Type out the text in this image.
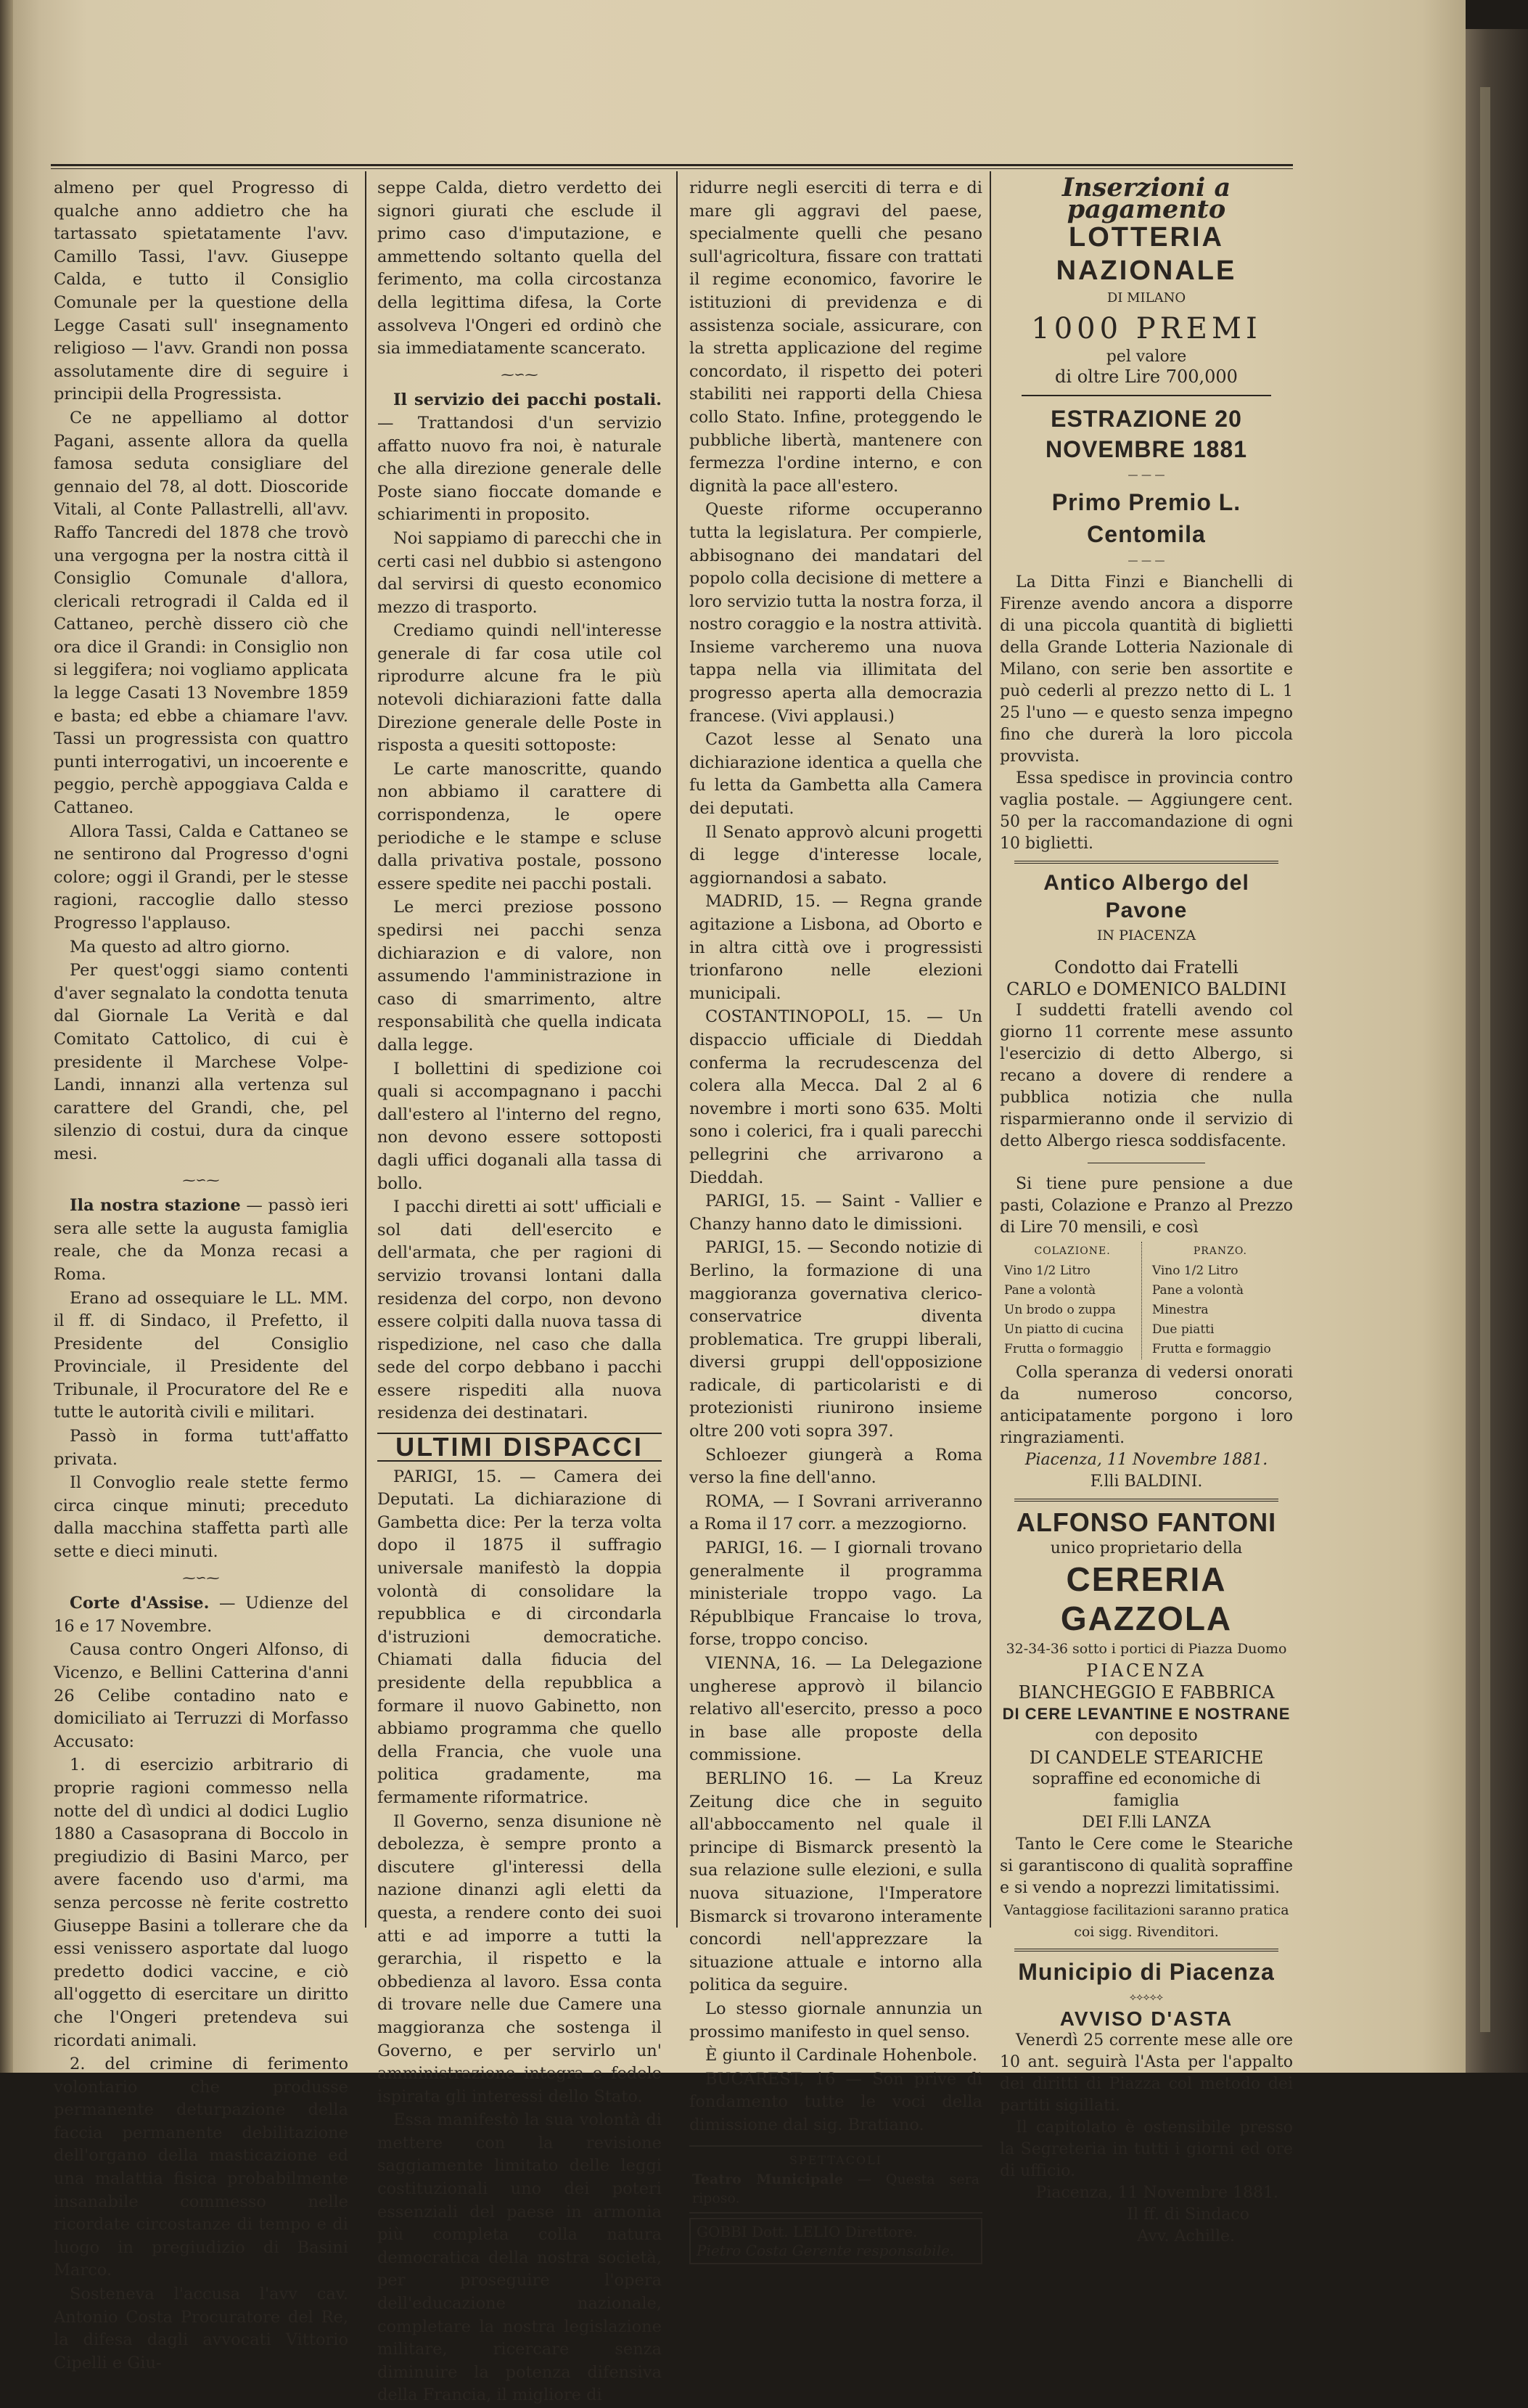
almeno per quel Progresso di qualche anno addietro che ha tartassato spietatamente l'avv. Camillo Tassi, l'avv. Giuseppe Calda, e tutto il Consiglio Comunale per la questione della Legge Casati sull' insegnamento religioso — l'avv. Grandi non possa assolutamente dire di seguire i principii della Progressista.

Ce ne appelliamo al dottor Pagani, assente allora da quella famosa seduta consigliare del gennaio del 78, al dott. Dioscoride Vitali, al Conte Pallastrelli, all'avv. Raffo Tancredi del 1878 che trovò una vergogna per la nostra città il Consiglio Comunale d'allora, clericali retrogradi il Calda ed il Cattaneo, perchè dissero ciò che ora dice il Grandi: in Consiglio non si leggifera; noi vogliamo applicata la legge Casati 13 Novembre 1859 e basta; ed ebbe a chiamare l'avv. Tassi un progressista con quattro punti interrogativi, un incoerente e peggio, perchè appoggiava Calda e Cattaneo.

Allora Tassi, Calda e Cattaneo se ne sentirono dal Progresso d'ogni colore; oggi il Grandi, per le stesse ragioni, raccoglie dallo stesso Progresso l'applauso.

Ma questo ad altro giorno.

Per quest'oggi siamo contenti d'aver segnalato la condotta tenuta dal Giornale La Verità e dal Comitato Cattolico, di cui è presidente il Marchese Volpe-Landi, innanzi alla vertenza sul carattere del Grandi, che, pel silenzio di costui, dura da cinque mesi.

⁓∽⁓

Ila nostra stazione — passò ieri sera alle sette la augusta famiglia reale, che da Monza recasi a Roma.

Erano ad ossequiare le LL. MM. il ff. di Sindaco, il Prefetto, il Presidente del Consiglio Provinciale, il Presidente del Tribunale, il Procuratore del Re e tutte le autorità civili e militari.

Passò in forma tutt'affatto privata.

Il Convoglio reale stette fermo circa cinque minuti; preceduto dalla macchina staffetta partì alle sette e dieci minuti.

⁓∽⁓

Corte d'Assise. — Udienze del 16 e 17 Novembre.

Causa contro Ongeri Alfonso, di Vicenzo, e Bellini Catterina d'anni 26 Celibe contadino nato e domiciliato ai Terruzzi di Morfasso Accusato:

1. di esercizio arbitrario di proprie ragioni commesso nella notte del dì undici al dodici Luglio 1880 a Casasoprana di Boccolo in pregiudizio di Basini Marco, per avere facendo uso d'armi, ma senza percosse nè ferite costretto Giuseppe Basini a tollerare che da essi venissero asportate dal luogo predetto dodici vaccine, e ciò all'oggetto di esercitare un diritto che l'Ongeri pretendeva sui ricordati animali.

2. del crimine di ferimento volontario che produsse permanente deturpazione della faccia permanente debilitazione dell'organo della masticazione ed una malattia fisica probabilmente insanabile commesso nelle ricordate circostanze di tempo e di luogo in pregiudizio di Basini Marco.

Sosteneva l'accusa l'avv cav. Antonio Costa Procuratore del Re, la difesa dagli avvocati Vittorio Cipelli e Giu-

seppe Calda, dietro verdetto dei signori giurati che esclude il primo caso d'imputazione, e ammettendo soltanto quella del ferimento, ma colla circostanza della legittima difesa, la Corte assolveva l'Ongeri ed ordinò che sia immediatamente scancerato.

⁓∽⁓

Il servizio dei pacchi postali. — Trattandosi d'un servizio affatto nuovo fra noi, è naturale che alla direzione generale delle Poste siano fioccate domande e schiarimenti in proposito.

Noi sappiamo di parecchi che in certi casi nel dubbio si astengono dal servirsi di questo economico mezzo di trasporto.

Crediamo quindi nell'interesse generale di far cosa utile col riprodurre alcune fra le più notevoli dichiarazioni fatte dalla Direzione generale delle Poste in risposta a quesiti sottoposte:

Le carte manoscritte, quando non abbiamo il carattere di corrispondenza, le opere periodiche e le stampe e scluse dalla privativa postale, possono essere spedite nei pacchi postali.

Le merci preziose possono spedirsi nei pacchi senza dichiarazion e di valore, non assumendo l'amministrazione in caso di smarrimento, altre responsabilità che quella indicata dalla legge.

I bollettini di spedizione coi quali si accompagnano i pacchi dall'estero al l'interno del regno, non devono essere sottoposti dagli uffici doganali alla tassa di bollo.

I pacchi diretti ai sott' ufficiali e sol dati dell'esercito e dell'armata, che per ragioni di servizio trovansi lontani dalla residenza del corpo, non devono essere colpiti dalla nuova tassa di rispedizione, nel caso che dalla sede del corpo debbano i pacchi essere rispediti alla nuova residenza dei destinatari.

ULTIMI DISPACCI

PARIGI, 15. — Camera dei Deputati. La dichiarazione di Gambetta dice: Per la terza volta dopo il 1875 il suffragio universale manifestò la doppia volontà di consolidare la repubblica e di circondarla d'istruzioni democratiche. Chiamati dalla fiducia del presidente della repubblica a formare il nuovo Gabinetto, non abbiamo programma che quello della Francia, che vuole una politica gradamente, ma fermamente riformatrice.

Il Governo, senza disunione nè debolezza, è sempre pronto a discutere gl'interessi della nazione dinanzi agli eletti da questa, a rendere conto dei suoi atti e ad imporre a tutti la gerarchia, il rispetto e la obbedienza al lavoro. Essa conta di trovare nelle due Camere una maggioranza che sostenga il Governo, e per servirlo un' amministrazione integra e fedele ispirata gli interessi dello Stato.

Essa manifestò la sua volontà di mettere con la revisione saggiamente limitato delle leggi costituzionali uno dei poteri essenziali del paese in armonia più completa colla natura democratica della nostra società, per proseguire l'opera dell'educazione nazionale, completare la nostra legislazione militare, ricercare senza diminuire la potenza difensiva della Francia, il migliore di

ridurre negli eserciti di terra e di mare gli aggravi del paese, specialmente quelli che pesano sull'agricoltura, fissare con trattati il regime economico, favorire le istituzioni di previdenza e di assistenza sociale, assicurare, con la stretta applicazione del regime concordato, il rispetto dei poteri stabiliti nei rapporti della Chiesa collo Stato. Infine, proteggendo le pubbliche libertà, mantenere con fermezza l'ordine interno, e con dignità la pace all'estero.

Queste riforme occuperanno tutta la legislatura. Per compierle, abbisognano dei mandatari del popolo colla decisione di mettere a loro servizio tutta la nostra forza, il nostro coraggio e la nostra attività. Insieme varcheremo una nuova tappa nella via illimitata del progresso aperta alla democrazia francese. (Vivi applausi.)

Cazot lesse al Senato una dichiarazione identica a quella che fu letta da Gambetta alla Camera dei deputati.

Il Senato approvò alcuni progetti di legge d'interesse locale, aggiornandosi a sabato.

MADRID, 15. — Regna grande agitazione a Lisbona, ad Oborto e in altra città ove i progressisti trionfarono nelle elezioni municipali.

COSTANTINOPOLI, 15. — Un dispaccio ufficiale di Dieddah conferma la recrudescenza del colera alla Mecca. Dal 2 al 6 novembre i morti sono 635. Molti sono i colerici, fra i quali parecchi pellegrini che arrivarono a Dieddah.

PARIGI, 15. — Saint - Vallier e Chanzy hanno dato le dimissioni.

PARIGI, 15. — Secondo notizie di Berlino, la formazione di una maggioranza governativa clerico-conservatrice diventa problematica. Tre gruppi liberali, diversi gruppi dell'opposizione radicale, di particolaristi e di protezionisti riunirono insieme oltre 200 voti sopra 397.

Schloezer giungerà a Roma verso la fine dell'anno.

ROMA, — I Sovrani arriveranno a Roma il 17 corr. a mezzogiorno.

PARIGI, 16. — I giornali trovano generalmente il programma ministeriale troppo vago. La Républbique Francaise lo trova, forse, troppo conciso.

VIENNA, 16. — La Delegazione ungherese approvò il bilancio relativo all'esercito, presso a poco in base alle proposte della commissione.

BERLINO 16. — La Kreuz Zeitung dice che in seguito all'abboccamento nel quale il principe di Bismarck presentò la sua relazione sulle elezioni, e sulla nuova situazione, l'Imperatore Bismarck si trovarono interamente concordi nell'apprezzare la situazione attuale e intorno alla politica da seguire.

Lo stesso giornale annunzia un prossimo manifesto in quel senso.

È giunto il Cardinale Hohenbole.

BUCAREST, 16 — Son prive di fondamento tutte le voci della dimissione dal sig. Bratiano.

SPETTACOLI
Teatro Municipale — Questa sera riposo.
GOBBI Dott. LELIO Direttore.
Pietro Costa Gerente responsabile.
Inserzioni a pagamento
LOTTERIA NAZIONALE
DI MILANO
1000 PREMI
pel valore
di oltre Lire 700,000
ESTRAZIONE 20 NOVEMBRE 1881
— — —
Primo Premio L. Centomila
— — —
La Ditta Finzi e Bianchelli di Firenze avendo ancora a disporre di una piccola quantità di biglietti della Grande Lotteria Nazionale di Milano, con serie ben assortite e può cederli al prezzo netto di L. 1 25 l'uno — e questo senza impegno fino che durerà la loro piccola provvista.
Essa spedisce in provincia contro vaglia postale. — Aggiungere cent. 50 per la raccomandazione di ogni 10 biglietti.
Antico Albergo del Pavone
IN PIACENZA
Condotto dai Fratelli
CARLO e DOMENICO BALDINI
I suddetti fratelli avendo col giorno 11 corrente mese assunto l'esercizio di detto Albergo, si recano a dovere di rendere a pubblica notizia che nulla risparmieranno onde il servizio di detto Albergo riesca soddisfacente.
Si tiene pure pensione a due pasti, Colazione e Pranzo al Prezzo di Lire 70 mensili, e così
COLAZIONE.
Vino 1/2 Litro
Pane a volontà
Un brodo o zuppa
Un piatto di cucina
Frutta o formaggio
PRANZO.
Vino 1/2 Litro
Pane a volontà
Minestra
Due piatti
Frutta e formaggio
Colla speranza di vedersi onorati da numeroso concorso, anticipatamente porgono i loro ringraziamenti.
Piacenza, 11 Novembre 1881.
F.lli BALDINI.
ALFONSO FANTONI
unico proprietario della
CERERIA GAZZOLA
32-34-36 sotto i portici di Piazza Duomo
PIACENZA
BIANCHEGGIO E FABBRICA
DI CERE LEVANTINE E NOSTRANE
con deposito
DI CANDELE STEARICHE
sopraffine ed economiche di famiglia
DEI F.lli LANZA
Tanto le Cere come le Steariche si garantiscono di qualità sopraffine e si vendo a noprezzi limitatissimi.
Vantaggiose facilitazioni saranno pratica coi sigg. Rivenditori.
Municipio di Piacenza
⟡⟡⟡⟡⟡
AVVISO D'ASTA
Venerdì 25 corrente mese alle ore 10 ant. seguirà l'Asta per l'appalto dei diritti di Piazza col metodo dei partiti sigillati.
Il capitolato è ostensibile presso la Segreteria in tutti i giorni ed ore di ufficio.
Piacenza, 11 Novembre 1881.
Il ff. di Sindaco
Avv. Achille.
